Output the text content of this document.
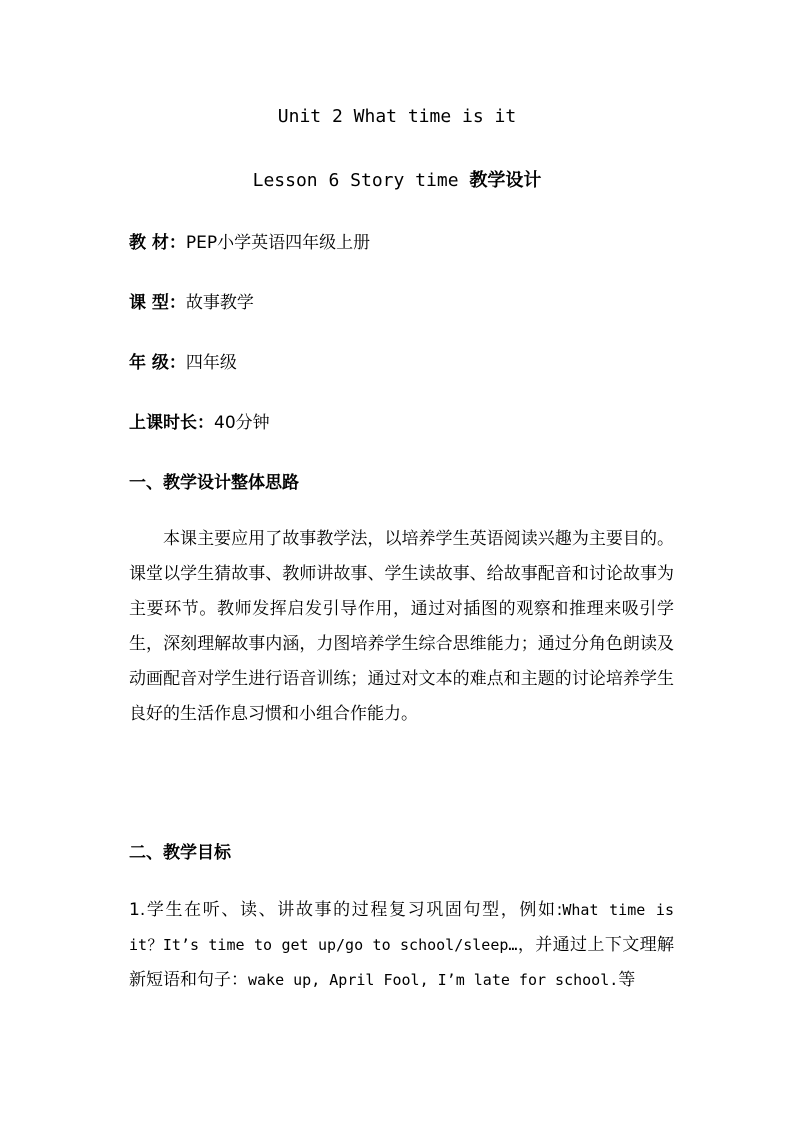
Unit 2 What time is it
Lesson 6 Story time 教学设计
教 材：PEP小学英语四年级上册
课 型：故事教学
年 级：四年级
上课时长：40分钟
一、教学设计整体思路
本课主要应用了故事教学法，以培养学生英语阅读兴趣为主要目的。课堂以学生猜故事、教师讲故事、学生读故事、给故事配音和讨论故事为主要环节。教师发挥启发引导作用，通过对插图的观察和推理来吸引学生，深刻理解故事内涵，力图培养学生综合思维能力；通过分角色朗读及动画配音对学生进行语音训练；通过对文本的难点和主题的讨论培养学生良好的生活作息习惯和小组合作能力。
二、教学目标
1.学生在听、读、讲故事的过程复习巩固句型，例如:What time is it？It’s time to get up/go to school/sleep…，并通过上下文理解新短语和句子：wake up, April Fool, I’m late for school.等
